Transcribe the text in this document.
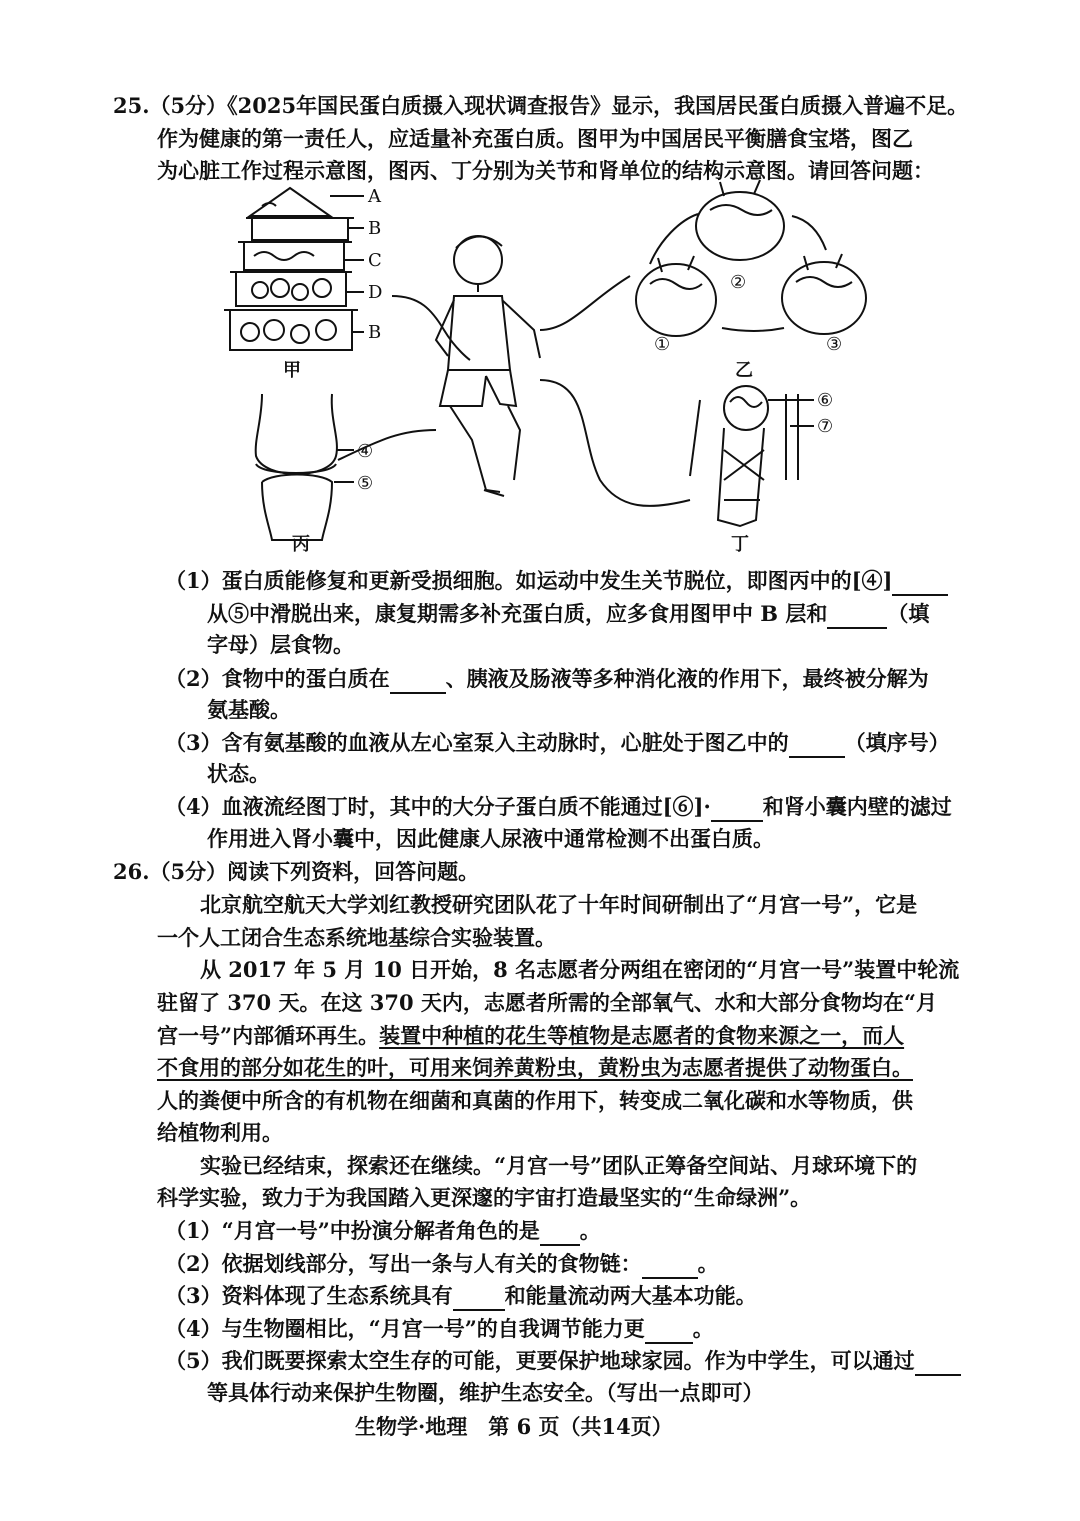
25.（5分）《2025年国民蛋白质摄入现状调查报告》显示，我国居民蛋白质摄入普遍不足。
作为健康的第一责任人，应适量补充蛋白质。图甲为中国居民平衡膳食宝塔，图乙
为心脏工作过程示意图，图丙、丁分别为关节和肾单位的结构示意图。请回答问题：
A
B
C
D
B
甲
②
①	③
乙
④
⑤
丙
⑥
⑦
丁
（1）蛋白质能修复和更新受损细胞。如运动中发生关节脱位，即图丙中的[④]
从⑤中滑脱出来，康复期需多补充蛋白质，应多食用图甲中 B 层和	（填
字母）层食物。
（2）食物中的蛋白质在	、胰液及肠液等多种消化液的作用下，最终被分解为
氨基酸。
（3）含有氨基酸的血液从左心室泵入主动脉时，心脏处于图乙中的	（填序号）
状态。
（4）血液流经图丁时，其中的大分子蛋白质不能通过[⑥]· 和肾小囊内壁的滤过
作用进入肾小囊中，因此健康人尿液中通常检测不出蛋白质。
26.（5分）阅读下列资料，回答问题。
北京航空航天大学刘红教授研究团队花了十年时间研制出了“月宫一号”，它是
一个人工闭合生态系统地基综合实验装置。
从 2017 年 5 月 10 日开始，8 名志愿者分两组在密闭的“月宫一号”装置中轮流
驻留了 370 天。在这 370 天内，志愿者所需的全部氧气、水和大部分食物均在“月
宫一号”内部循环再生。装置中种植的花生等植物是志愿者的食物来源之一，而人
不食用的部分如花生的叶，可用来饲养黄粉虫，黄粉虫为志愿者提供了动物蛋白。
人的粪便中所含的有机物在细菌和真菌的作用下，转变成二氧化碳和水等物质，供
给植物利用。
实验已经结束，探索还在继续。“月宫一号”团队正筹备空间站、月球环境下的
科学实验，致力于为我国踏入更深邃的宇宙打造最坚实的“生命绿洲”。
（1）“月宫一号”中扮演分解者角色的是 。
（2）依据划线部分，写出一条与人有关的食物链：	。
（3）资料体现了生态系统具有 和能量流动两大基本功能。
（4）与生物圈相比，“月宫一号”的自我调节能力更 。
（5）我们既要探索太空生存的可能，更要保护地球家园。作为中学生，可以通过
等具体行动来保护生物圈，维护生态安全。（写出一点即可）
生物学·地理　第 6 页（共14页）
